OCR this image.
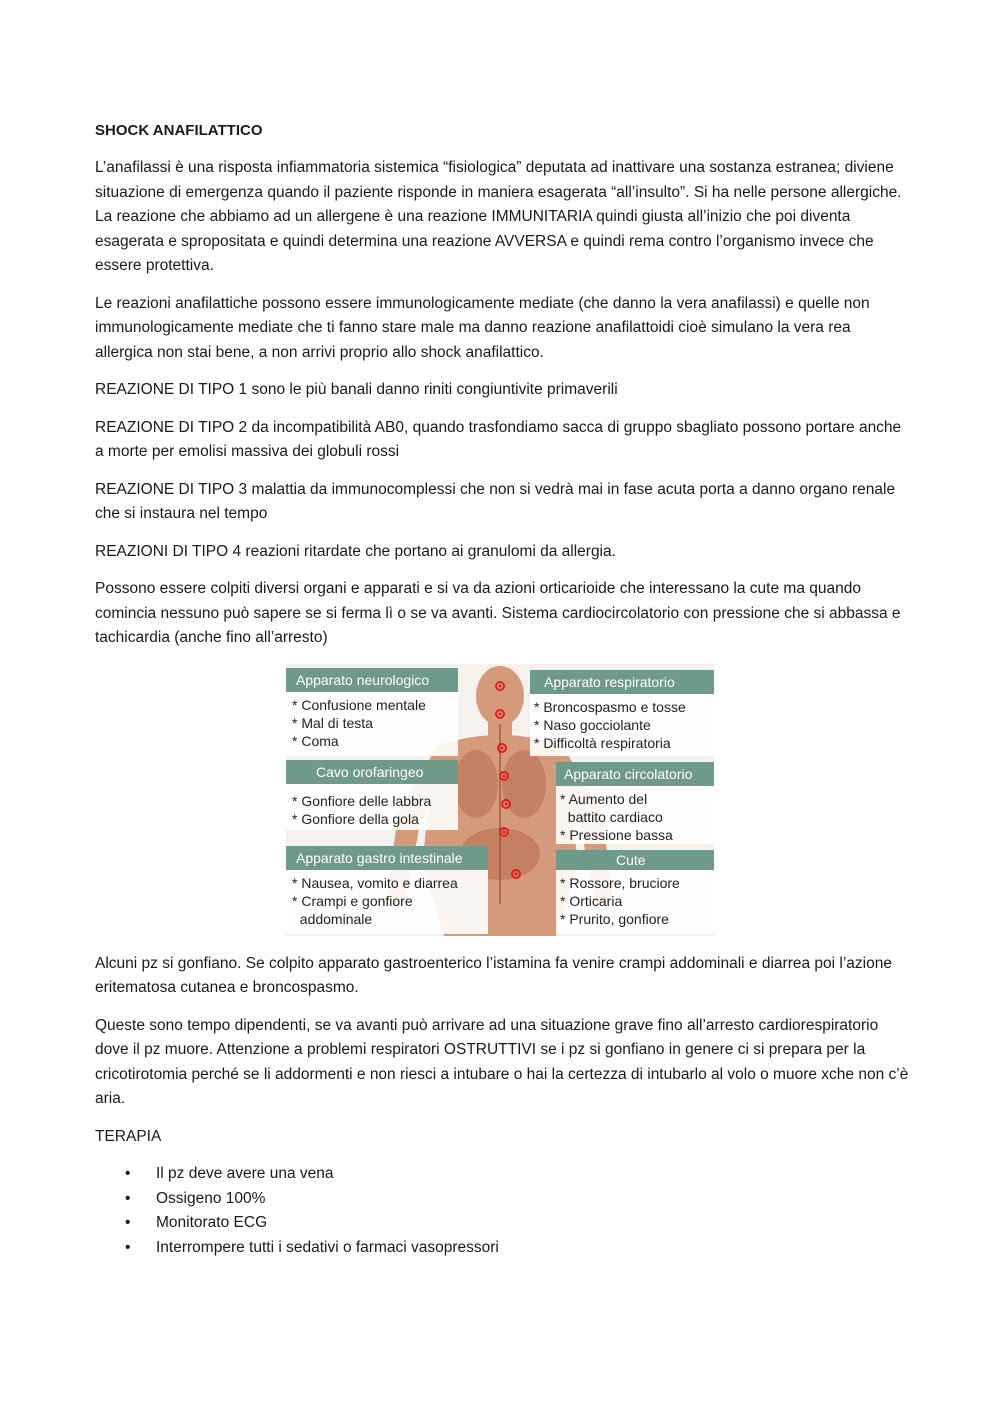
SHOCK ANAFILATTICO

L’anafilassi è una risposta infiammatoria sistemica “fisiologica” deputata ad inattivare una sostanza estranea; diviene situazione di emergenza quando il paziente risponde in maniera esagerata “all’insulto”. Si ha nelle persone allergiche. La reazione che abbiamo ad un allergene è una reazione IMMUNITARIA quindi giusta all’inizio che poi diventa esagerata e spropositata e quindi determina una reazione AVVERSA e quindi rema contro l’organismo invece che essere protettiva.

Le reazioni anafilattiche possono essere immunologicamente mediate (che danno la vera anafilassi) e quelle non immunologicamente mediate che ti fanno stare male ma danno reazione anafilattoidi cioè simulano la vera rea allergica non stai bene, a non arrivi proprio allo shock anafilattico.

REAZIONE DI TIPO 1 sono le più banali danno riniti congiuntivite primaverili

REAZIONE DI TIPO 2 da incompatibilità AB0, quando trasfondiamo sacca di gruppo sbagliato possono portare anche a morte per emolisi massiva dei globuli rossi

REAZIONE DI TIPO 3 malattia da immunocomplessi che non si vedrà mai in fase acuta porta a danno organo renale che si instaura nel tempo

REAZIONI DI TIPO 4 reazioni ritardate che portano ai granulomi da allergia.

Possono essere colpiti diversi organi e apparati e si va da azioni orticarioide che interessano la cute ma quando comincia nessuno può sapere se si ferma lì o se va avanti. Sistema cardiocircolatorio con pressione che si abbassa e tachicardia (anche fino all’arresto)

Apparato neurologico
* Confusione mentale
* Mal di testa
* Coma
Cavo orofaringeo
* Gonfiore delle labbra
* Gonfiore della gola
Apparato gastro intestinale
* Nausea, vomito e diarrea
* Crampi e gonfiore
addominale
Apparato respiratorio
* Broncospasmo e tosse
* Naso gocciolante
* Difficoltà respiratoria
Apparato circolatorio
* Aumento del
battito cardiaco
* Pressione bassa
Cute
* Rossore, bruciore
* Orticaria
* Prurito, gonfiore

Alcuni pz si gonfiano. Se colpito apparato gastroenterico l’istamina fa venire crampi addominali e diarrea poi l’azione eritematosa cutanea e broncospasmo.

Queste sono tempo dipendenti, se va avanti può arrivare ad una situazione grave fino all’arresto cardiorespiratorio dove il pz muore. Attenzione a problemi respiratori OSTRUTTIVI se i pz si gonfiano in genere ci si prepara per la cricotirotomia perché se li addormenti e non riesci a intubare o hai la certezza di intubarlo al volo o muore xche non c’è aria.

TERAPIA

• Il pz deve avere una vena
• Ossigeno 100%
• Monitorato ECG
• Interrompere tutti i sedativi o farmaci vasopressori
